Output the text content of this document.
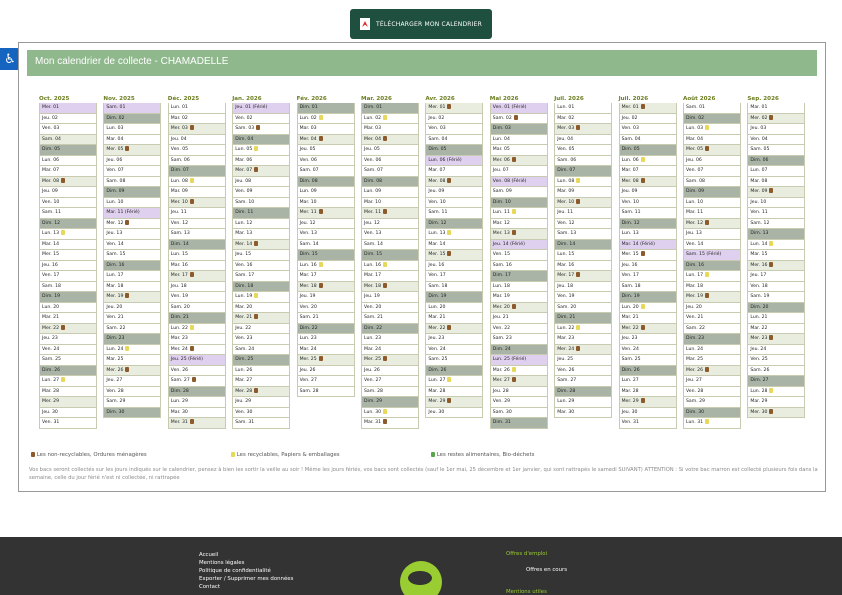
TÉLÉCHARGER MON CALENDRIER
♿	Mon calendrier de collecte - CHAMADELLE
Oct. 2025
Mer. 01
Jeu. 02
Ven. 03
Sam. 04
Dim. 05
Lun. 06
Mar. 07
Mer. 08
Jeu. 09
Ven. 10
Sam. 11
Dim. 12
Lun. 13
Mar. 14
Mer. 15
Jeu. 16
Ven. 17
Sam. 18
Dim. 19
Lun. 20
Mar. 21
Mer. 22
Jeu. 23
Ven. 24
Sam. 25
Dim. 26
Lun. 27
Mar. 28
Mer. 29
Jeu. 30
Ven. 31
Nov. 2025
Sam. 01
Dim. 02
Lun. 03
Mar. 04
Mer. 05
Jeu. 06
Ven. 07
Sam. 08
Dim. 09
Lun. 10
Mar. 11 (Férié)
Mer. 12
Jeu. 13
Ven. 14
Sam. 15
Dim. 16
Lun. 17
Mar. 18
Mer. 19
Jeu. 20
Ven. 21
Sam. 22
Dim. 23
Lun. 24
Mar. 25
Mer. 26
Jeu. 27
Ven. 28
Sam. 29
Dim. 30
Déc. 2025
Lun. 01
Mar. 02
Mer. 03
Jeu. 04
Ven. 05
Sam. 06
Dim. 07
Lun. 08
Mar. 09
Mer. 10
Jeu. 11
Ven. 12
Sam. 13
Dim. 14
Lun. 15
Mar. 16
Mer. 17
Jeu. 18
Ven. 19
Sam. 20
Dim. 21
Lun. 22
Mar. 23
Mer. 24
Jeu. 25 (Férié)
Ven. 26
Sam. 27
Dim. 28
Lun. 29
Mar. 30
Mer. 31
Jan. 2026
Jeu. 01 (Férié)
Ven. 02
Sam. 03
Dim. 04
Lun. 05
Mar. 06
Mer. 07
Jeu. 08
Ven. 09
Sam. 10
Dim. 11
Lun. 12
Mar. 13
Mer. 14
Jeu. 15
Ven. 16
Sam. 17
Dim. 18
Lun. 19
Mar. 20
Mer. 21
Jeu. 22
Ven. 23
Sam. 24
Dim. 25
Lun. 26
Mar. 27
Mer. 28
Jeu. 29
Ven. 30
Sam. 31
Fév. 2026
Dim. 01
Lun. 02
Mar. 03
Mer. 04
Jeu. 05
Ven. 06
Sam. 07
Dim. 08
Lun. 09
Mar. 10
Mer. 11
Jeu. 12
Ven. 13
Sam. 14
Dim. 15
Lun. 16
Mar. 17
Mer. 18
Jeu. 19
Ven. 20
Sam. 21
Dim. 22
Lun. 23
Mar. 24
Mer. 25
Jeu. 26
Ven. 27
Sam. 28
Mar. 2026
Dim. 01
Lun. 02
Mar. 03
Mer. 04
Jeu. 05
Ven. 06
Sam. 07
Dim. 08
Lun. 09
Mar. 10
Mer. 11
Jeu. 12
Ven. 13
Sam. 14
Dim. 15
Lun. 16
Mar. 17
Mer. 18
Jeu. 19
Ven. 20
Sam. 21
Dim. 22
Lun. 23
Mar. 24
Mer. 25
Jeu. 26
Ven. 27
Sam. 28
Dim. 29
Lun. 30
Mar. 31
Avr. 2026
Mer. 01
Jeu. 02
Ven. 03
Sam. 04
Dim. 05
Lun. 06 (Férié)
Mar. 07
Mer. 08
Jeu. 09
Ven. 10
Sam. 11
Dim. 12
Lun. 13
Mar. 14
Mer. 15
Jeu. 16
Ven. 17
Sam. 18
Dim. 19
Lun. 20
Mar. 21
Mer. 22
Jeu. 23
Ven. 24
Sam. 25
Dim. 26
Lun. 27
Mar. 28
Mer. 29
Jeu. 30
Mai 2026
Ven. 01 (Férié)
Sam. 02
Dim. 03
Lun. 04
Mar. 05
Mer. 06
Jeu. 07
Ven. 08 (Férié)
Sam. 09
Dim. 10
Lun. 11
Mar. 12
Mer. 13
Jeu. 14 (Férié)
Ven. 15
Sam. 16
Dim. 17
Lun. 18
Mar. 19
Mer. 20
Jeu. 21
Ven. 22
Sam. 23
Dim. 24
Lun. 25 (Férié)
Mar. 26
Mer. 27
Jeu. 28
Ven. 29
Sam. 30
Dim. 31
Juil. 2026
Lun. 01
Mar. 02
Mer. 03
Jeu. 04
Ven. 05
Sam. 06
Dim. 07
Lun. 08
Mar. 09
Mer. 10
Jeu. 11
Ven. 12
Sam. 13
Dim. 14
Lun. 15
Mar. 16
Mer. 17
Jeu. 18
Ven. 19
Sam. 20
Dim. 21
Lun. 22
Mar. 23
Mer. 24
Jeu. 25
Ven. 26
Sam. 27
Dim. 28
Lun. 29
Mar. 30
Juil. 2026
Mer. 01
Jeu. 02
Ven. 03
Sam. 04
Dim. 05
Lun. 06
Mar. 07
Mer. 08
Jeu. 09
Ven. 10
Sam. 11
Dim. 12
Lun. 13
Mar. 14 (Férié)
Mer. 15
Jeu. 16
Ven. 17
Sam. 18
Dim. 19
Lun. 20
Mar. 21
Mer. 22
Jeu. 23
Ven. 24
Sam. 25
Dim. 26
Lun. 27
Mar. 28
Mer. 29
Jeu. 30
Ven. 31
Août 2026
Sam. 01
Dim. 02
Lun. 03
Mar. 04
Mer. 05
Jeu. 06
Ven. 07
Sam. 08
Dim. 09
Lun. 10
Mar. 11
Mer. 12
Jeu. 13
Ven. 14
Sam. 15 (Férié)
Dim. 16
Lun. 17
Mar. 18
Mer. 19
Jeu. 20
Ven. 21
Sam. 22
Dim. 23
Lun. 24
Mar. 25
Mer. 26
Jeu. 27
Ven. 28
Sam. 29
Dim. 30
Lun. 31
Sep. 2026
Mar. 01
Mer. 02
Jeu. 03
Ven. 04
Sam. 05
Dim. 06
Lun. 07
Mar. 08
Mer. 09
Jeu. 10
Ven. 11
Sam. 12
Dim. 13
Lun. 14
Mar. 15
Mer. 16
Jeu. 17
Ven. 18
Sam. 19
Dim. 20
Lun. 21
Mar. 22
Mer. 23
Jeu. 24
Ven. 25
Sam. 26
Dim. 27
Lun. 28
Mar. 29
Mer. 30
Les non-recyclables, Ordures ménagères	Les recyclables, Papiers & emballages	Les restes alimentaires, Bio-déchets
Vos bacs seront collectés sur les jours indiqués sur le calendrier, pensez à bien les sortir la veille au soir ! Même les jours fériés, vos bacs sont collectés (sauf le 1er mai, 25 décembre et 1er janvier, qui sont rattrapés le samedi SUIVANT) ATTENTION : Si votre bac marron est collecté plusieurs fois dans la semaine, celle du jour férié n'est ni collectée, ni rattrapée
Accueil
Mentions légales
Politique de confidentialité
Exporter / Supprimer mes données
Contact
Offres d'emploi
Offres en cours
Mentions utiles
